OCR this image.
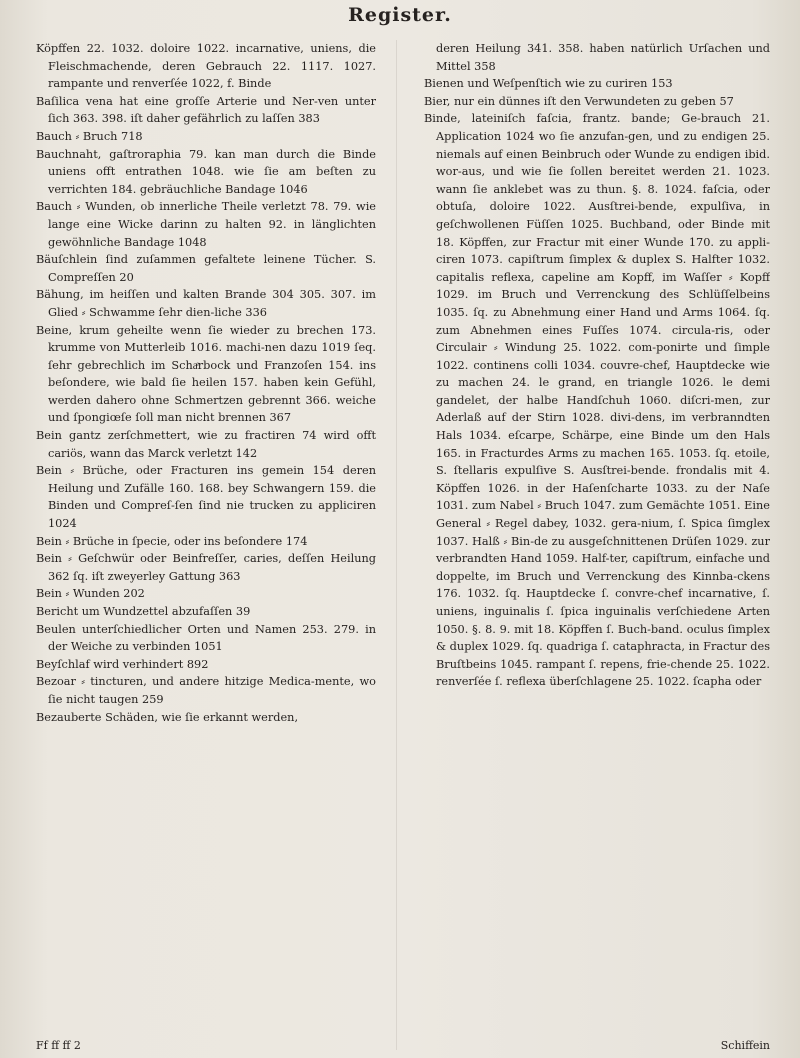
Register.

Köpffen 22. 1032. doloire 1022. incarnative, uniens, die Fleischmachende, deren Gebrauch 22. 1117. 1027. rampante und renverſée 1022, f. Binde

Baſilica vena hat eine groſſe Arterie und Ner-ven unter ſich 363. 398. iſt daher gefährlich zu laſſen 383

Bauch ⸗ Bruch 718

Bauchnaht, gaſtroraphia 79. kan man durch die Binde uniens offt entrathen 1048. wie ſie am beſten zu verrichten 184. gebräuchliche Bandage 1046

Bauch ⸗ Wunden, ob innerliche Theile verletzt 78. 79. wie lange eine Wicke darinn zu halten 92. in länglichten gewöhnliche Bandage 1048

Bäuſchlein ſind zuſammen gefaltete leinene Tücher. S. Compreſſen 20

Bähung, im heiſſen und kalten Brande 304 305. 307. im Glied ⸗ Schwamme ſehr dien-liche 336

Beine, krum geheilte wenn ſie wieder zu brechen 173. krumme von Mutterleib 1016. machi-nen dazu 1019 ſeq. ſehr gebrechlich im Schaͤrbock und Franzoſen 154. ins beſondere, wie bald ſie heilen 157. haben kein Gefühl, werden dahero ohne Schmertzen gebrennt 366. weiche und ſpongiœſe ſoll man nicht brennen 367

Bein gantz zerſchmettert, wie zu fractiren 74 wird offt cariös, wann das Marck verletzt 142

Bein ⸗ Brüche, oder Fracturen ins gemein 154 deren Heilung und Zufälle 160. 168. bey Schwangern 159. die Binden und Compreſ-ſen ſind nie trucken zu appliciren 1024

Bein ⸗ Brüche in ſpecie, oder ins beſondere 174

Bein ⸗ Geſchwür oder Beinfreſſer, caries, deſſen Heilung 362 ſq. iſt zweyerley Gattung 363

Bein ⸗ Wunden 202

Bericht um Wundzettel abzufaſſen 39

Beulen unterſchiedlicher Orten und Namen 253. 279. in der Weiche zu verbinden 1051

Beyſchlaf wird verhindert 892

Bezoar ⸗ tincturen, und andere hitzige Medica-mente, wo ſie nicht taugen 259

Bezauberte Schäden, wie ſie erkannt werden,

deren Heilung 341. 358. haben natürlich Urſachen und Mittel 358

Bienen und Weſpenſtich wie zu curiren 153

Bier, nur ein dünnes iſt den Verwundeten zu geben 57

Binde, lateiniſch faſcia, frantz. bande; Ge-brauch 21. Application 1024 wo ſie anzufan-gen, und zu endigen 25. niemals auf einen Beinbruch oder Wunde zu endigen ibid. wor-aus, und wie ſie ſollen bereitet werden 21. 1023. wann ſie anklebet was zu thun. §. 8. 1024. faſcia, oder obtuſa, doloire 1022. Ausſtrei-bende, expulſiva, in geſchwollenen Füſſen 1025. Buchband, oder Binde mit 18. Köpffen, zur Fractur mit einer Wunde 170. zu appli-ciren 1073. capiſtrum ſimplex & duplex S. Halfter 1032. capitalis reflexa, capeline am Kopff, im Waſſer ⸗ Kopff 1029. im Bruch und Verrenckung des Schlüſſelbeins 1035. ſq. zu Abnehmung einer Hand und Arms 1064. ſq. zum Abnehmen eines Fuſſes 1074. circula-ris, oder Circulair ⸗ Windung 25. 1022. com-ponirte und ſimple 1022. continens colli 1034. couvre-chef, Hauptdecke wie zu machen 24. le grand, en triangle 1026. le demi gandelet, der halbe Handſchuh 1060. diſcri-men, zur Aderlaß auf der Stirn 1028. divi-dens, im verbranndten Hals 1034. eſcarpe, Schärpe, eine Binde um den Hals 165. in Fracturdes Arms zu machen 165. 1053. ſq. etoile, S. ſtellaris expulſive S. Ausſtrei-bende. frondalis mit 4. Köpffen 1026. in der Haſenſcharte 1033. zu der Naſe 1031. zum Nabel ⸗ Bruch 1047. zum Gemächte 1051. Eine General ⸗ Regel dabey, 1032. gera-nium, ſ. Spica ſimglex 1037. Halß ⸗ Bin-de zu ausgeſchnittenen Drüſen 1029. zur verbrandten Hand 1059. Half-ter, capiſtrum, einfache und doppelte, im Bruch und Verrenckung des Kinnba-ckens 176. 1032. ſq. Hauptdecke ſ. convre-chef incarnative, ſ. uniens, inguinalis ſ. ſpica inguinalis verſchiedene Arten 1050. §. 8. 9. mit 18. Köpffen ſ. Buch-band. oculus ſimplex & duplex 1029. ſq. quadriga ſ. cataphracta, in Fractur des Bruſtbeins 1045. rampant ſ. repens, frie-chende 25. 1022. renverſée ſ. reflexa überſchlagene 25. 1022. ſcapha oder

Ff ff ff 2	Schiffein
